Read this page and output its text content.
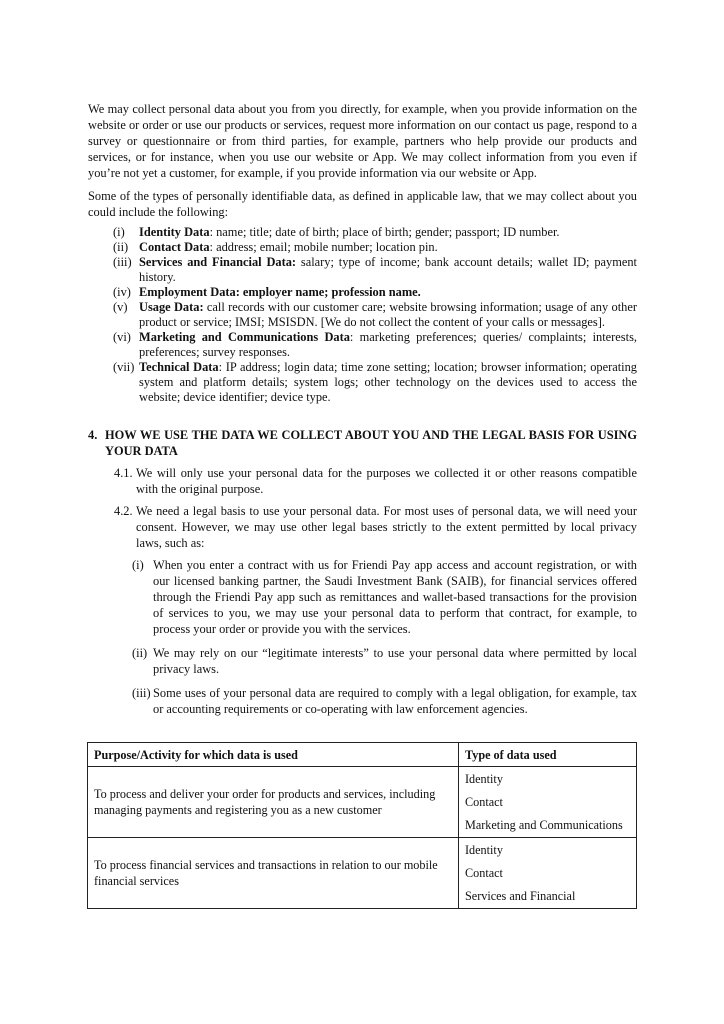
We may collect personal data about you from you directly, for example, when you provide information on the website or order or use our products or services, request more information on our contact us page, respond to a survey or questionnaire or from third parties, for example, partners who help provide our products and services, or for instance, when you use our website or App. We may collect information from you even if you’re not yet a customer, for example, if you provide information via our website or App.

Some of the types of personally identifiable data, as defined in applicable law, that we may collect about you could include the following:

(i) Identity Data: name; title; date of birth; place of birth; gender; passport; ID number.
(ii) Contact Data: address; email; mobile number; location pin.
(iii) Services and Financial Data: salary; type of income; bank account details; wallet ID; payment history.
(iv) Employment Data: employer name; profession name.
(v) Usage Data: call records with our customer care; website browsing information; usage of any other product or service; IMSI; MSISDN. [We do not collect the content of your calls or messages].
(vi) Marketing and Communications Data: marketing preferences; queries/ complaints; interests, preferences; survey responses.
(vii) Technical Data: IP address; login data; time zone setting; location; browser information; operating system and platform details; system logs; other technology on the devices used to access the website; device identifier; device type.
4. HOW WE USE THE DATA WE COLLECT ABOUT YOU AND THE LEGAL BASIS FOR USING YOUR DATA
4.1. We will only use your personal data for the purposes we collected it or other reasons compatible with the original purpose.
4.2. We need a legal basis to use your personal data. For most uses of personal data, we will need your consent. However, we may use other legal bases strictly to the extent permitted by local privacy laws, such as:
(i) When you enter a contract with us for Friendi Pay app access and account registration, or with our licensed banking partner, the Saudi Investment Bank (SAIB), for financial services offered through the Friendi Pay app such as remittances and wallet-based transactions for the provision of services to you, we may use your personal data to perform that contract, for example, to process your order or provide you with the services.
(ii) We may rely on our “legitimate interests” to use your personal data where permitted by local privacy laws.
(iii) Some uses of your personal data are required to comply with a legal obligation, for example, tax or accounting requirements or co-operating with law enforcement agencies.
Purpose/Activity for which data is used	Type of data used
To process and deliver your order for products and services, including managing payments and registering you as a new customer	Identity
Contact
Marketing and Communications

To process financial services and transactions in relation to our mobile financial services	Identity
Contact
Services and Financial
